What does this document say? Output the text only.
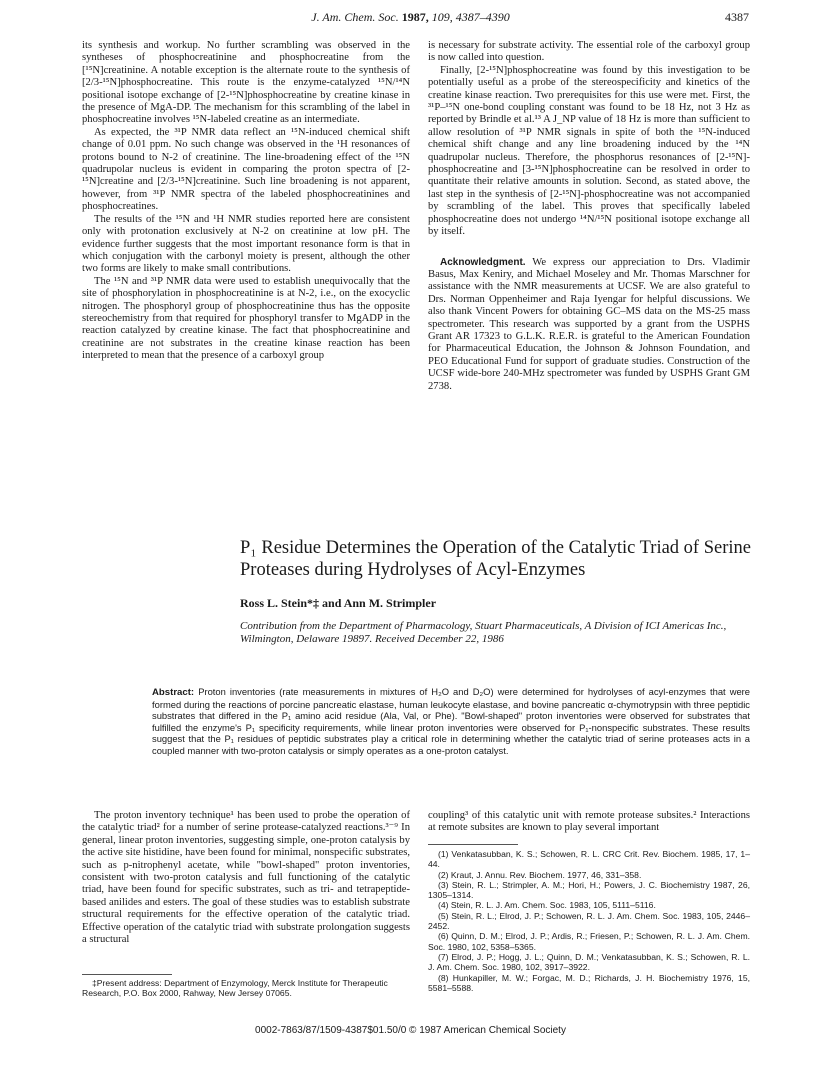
J. Am. Chem. Soc. 1987, 109, 4387–4390	4387

its synthesis and workup. No further scrambling was observed in the syntheses of phosphocreatinine and phosphocreatine from the [¹⁵N]creatinine. A notable exception is the alternate route to the synthesis of [2/3-¹⁵N]phosphocreatine. This route is the enzyme-catalyzed ¹⁵N/¹⁴N positional isotope exchange of [2-¹⁵N]phosphocreatine by creatine kinase in the presence of MgA-DP. The mechanism for this scrambling of the label in phosphocreatine involves ¹⁵N-labeled creatine as an intermediate.

As expected, the ³¹P NMR data reflect an ¹⁵N-induced chemical shift change of 0.01 ppm. No such change was observed in the ¹H resonances of protons bound to N-2 of creatinine. The line-broadening effect of the ¹⁵N quadrupolar nucleus is evident in comparing the proton spectra of [2-¹⁵N]creatine and [2/3-¹⁵N]creatinine. Such line broadening is not apparent, however, from ³¹P NMR spectra of the labeled phosphocreatinines and phosphocreatines.

The results of the ¹⁵N and ¹H NMR studies reported here are consistent only with protonation exclusively at N-2 on creatinine at low pH. The evidence further suggests that the most important resonance form is that in which conjugation with the carbonyl moiety is present, although the other two forms are likely to make small contributions.

The ¹⁵N and ³¹P NMR data were used to establish unequivocally that the site of phosphorylation in phosphocreatinine is at N-2, i.e., on the exocyclic nitrogen. The phosphoryl group of phosphocreatinine thus has the opposite stereochemistry from that required for phosphoryl transfer to MgADP in the reaction catalyzed by creatine kinase. The fact that phosphocreatinine and creatinine are not substrates in the creatine kinase reaction has been interpreted to mean that the presence of a carboxyl group

is necessary for substrate activity. The essential role of the carboxyl group is now called into question.

Finally, [2-¹⁵N]phosphocreatine was found by this investigation to be potentially useful as a probe of the stereospecificity and kinetics of the creatine kinase reaction. Two prerequisites for this use were met. First, the ³¹P–¹⁵N one-bond coupling constant was found to be 18 Hz, not 3 Hz as reported by Brindle et al.¹³ A J_NP value of 18 Hz is more than sufficient to allow resolution of ³¹P NMR signals in spite of both the ¹⁵N-induced chemical shift change and any line broadening induced by the ¹⁴N quadrupolar nucleus. Therefore, the phosphorus resonances of [2-¹⁵N]-phosphocreatine and [3-¹⁵N]phosphocreatine can be resolved in order to quantitate their relative amounts in solution. Second, as stated above, the last step in the synthesis of [2-¹⁵N]-phosphocreatine was not accompanied by scrambling of the label. This proves that specifically labeled phosphocreatine does not undergo ¹⁴N/¹⁵N positional isotope exchange all by itself.

Acknowledgment. We express our appreciation to Drs. Vladimir Basus, Max Keniry, and Michael Moseley and Mr. Thomas Marschner for assistance with the NMR measurements at UCSF. We are also grateful to Drs. Norman Oppenheimer and Raja Iyengar for helpful discussions. We also thank Vincent Powers for obtaining GC–MS data on the MS-25 mass spectrometer. This research was supported by a grant from the USPHS Grant AR 17323 to G.L.K. R.E.R. is grateful to the American Foundation for Pharmaceutical Education, the Johnson & Johnson Foundation, and PEO Educational Fund for support of graduate studies. Construction of the UCSF wide-bore 240-MHz spectrometer was funded by USPHS Grant GM 2738.

P₁ Residue Determines the Operation of the Catalytic Triad of Serine Proteases during Hydrolyses of Acyl-Enzymes
Ross L. Stein*‡ and Ann M. Strimpler
Contribution from the Department of Pharmacology, Stuart Pharmaceuticals, A Division of ICI Americas Inc., Wilmington, Delaware 19897. Received December 22, 1986
Abstract: Proton inventories (rate measurements in mixtures of H₂O and D₂O) were determined for hydrolyses of acyl-enzymes that were formed during the reactions of porcine pancreatic elastase, human leukocyte elastase, and bovine pancreatic α-chymotrypsin with three peptidic substrates that differed in the P₁ amino acid residue (Ala, Val, or Phe). "Bowl-shaped" proton inventories were observed for substrates that fulfilled the enzyme's P₁ specificity requirements, while linear proton inventories were observed for P₁-nonspecific substrates. These results suggest that the P₁ residues of peptidic substrates play a critical role in determining whether the catalytic triad of serine proteases acts in a coupled manner with two-proton catalysis or simply operates as a one-proton catalyst.

The proton inventory technique¹ has been used to probe the operation of the catalytic triad² for a number of serine protease-catalyzed reactions.³⁻⁹ In general, linear proton inventories, suggesting simple, one-proton catalysis by the active site histidine, have been found for minimal, nonspecific substrates, such as p-nitrophenyl acetate, while "bowl-shaped" proton inventories, consistent with two-proton catalysis and full functioning of the catalytic triad, have been found for specific substrates, such as tri- and tetrapeptide-based anilides and esters. The goal of these studies was to establish substrate structural requirements for the effective operation of the catalytic triad. Effective operation of the catalytic triad with substrate prolongation suggests a structural

coupling³ of this catalytic unit with remote protease subsites.² Interactions at remote subsites are known to play several important

(1) Venkatasubban, K. S.; Schowen, R. L. CRC Crit. Rev. Biochem. 1985, 17, 1–44.

(2) Kraut, J. Annu. Rev. Biochem. 1977, 46, 331–358.

(3) Stein, R. L.; Strimpler, A. M.; Hori, H.; Powers, J. C. Biochemistry 1987, 26, 1305–1314.

(4) Stein, R. L. J. Am. Chem. Soc. 1983, 105, 5111–5116.

(5) Stein, R. L.; Elrod, J. P.; Schowen, R. L. J. Am. Chem. Soc. 1983, 105, 2446–2452.

(6) Quinn, D. M.; Elrod, J. P.; Ardis, R.; Friesen, P.; Schowen, R. L. J. Am. Chem. Soc. 1980, 102, 5358–5365.

(7) Elrod, J. P.; Hogg, J. L.; Quinn, D. M.; Venkatasubban, K. S.; Schowen, R. L. J. Am. Chem. Soc. 1980, 102, 3917–3922.

(8) Hunkapiller, M. W.; Forgac, M. D.; Richards, J. H. Biochemistry 1976, 15, 5581–5588.

‡Present address: Department of Enzymology, Merck Institute for Therapeutic Research, P.O. Box 2000, Rahway, New Jersey 07065.
0002-7863/87/1509-4387$01.50/0 © 1987 American Chemical Society
